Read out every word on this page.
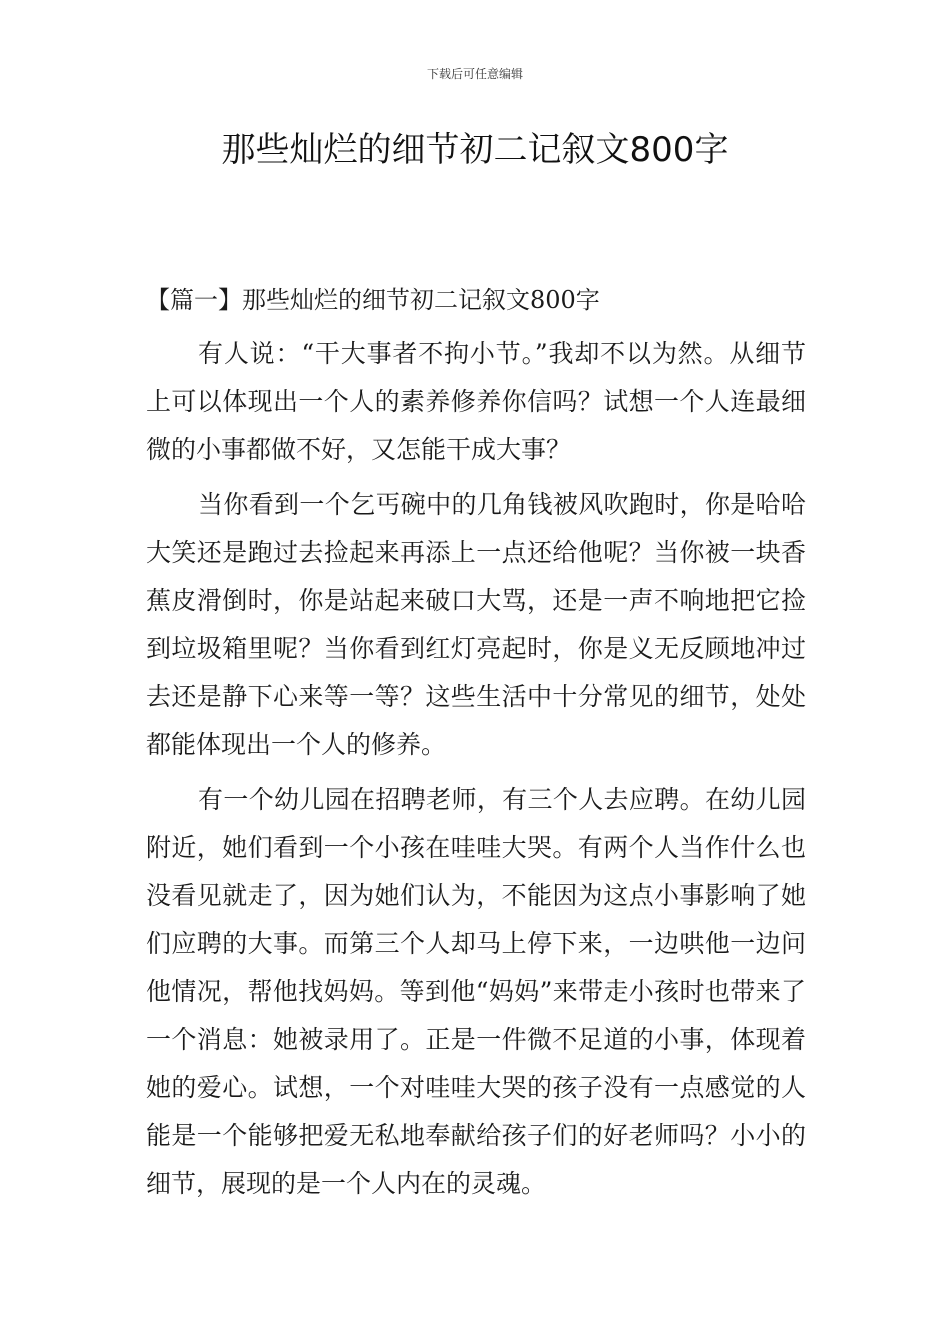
下载后可任意编辑
那些灿烂的细节初二记叙文800字
【篇一】那些灿烂的细节初二记叙文800字

有人说：“干大事者不拘小节。”我却不以为然。从细节上可以体现出一个人的素养修养你信吗？试想一个人连最细微的小事都做不好，又怎能干成大事？

当你看到一个乞丐碗中的几角钱被风吹跑时，你是哈哈大笑还是跑过去捡起来再添上一点还给他呢？当你被一块香蕉皮滑倒时，你是站起来破口大骂，还是一声不响地把它捡到垃圾箱里呢？当你看到红灯亮起时，你是义无反顾地冲过去还是静下心来等一等？这些生活中十分常见的细节，处处都能体现出一个人的修养。

有一个幼儿园在招聘老师，有三个人去应聘。在幼儿园附近，她们看到一个小孩在哇哇大哭。有两个人当作什么也没看见就走了，因为她们认为，不能因为这点小事影响了她们应聘的大事。而第三个人却马上停下来，一边哄他一边问他情况，帮他找妈妈。等到他“妈妈”来带走小孩时也带来了一个消息：她被录用了。正是一件微不足道的小事，体现着她的爱心。试想，一个对哇哇大哭的孩子没有一点感觉的人能是一个能够把爱无私地奉献给孩子们的好老师吗？小小的细节，展现的是一个人内在的灵魂。
